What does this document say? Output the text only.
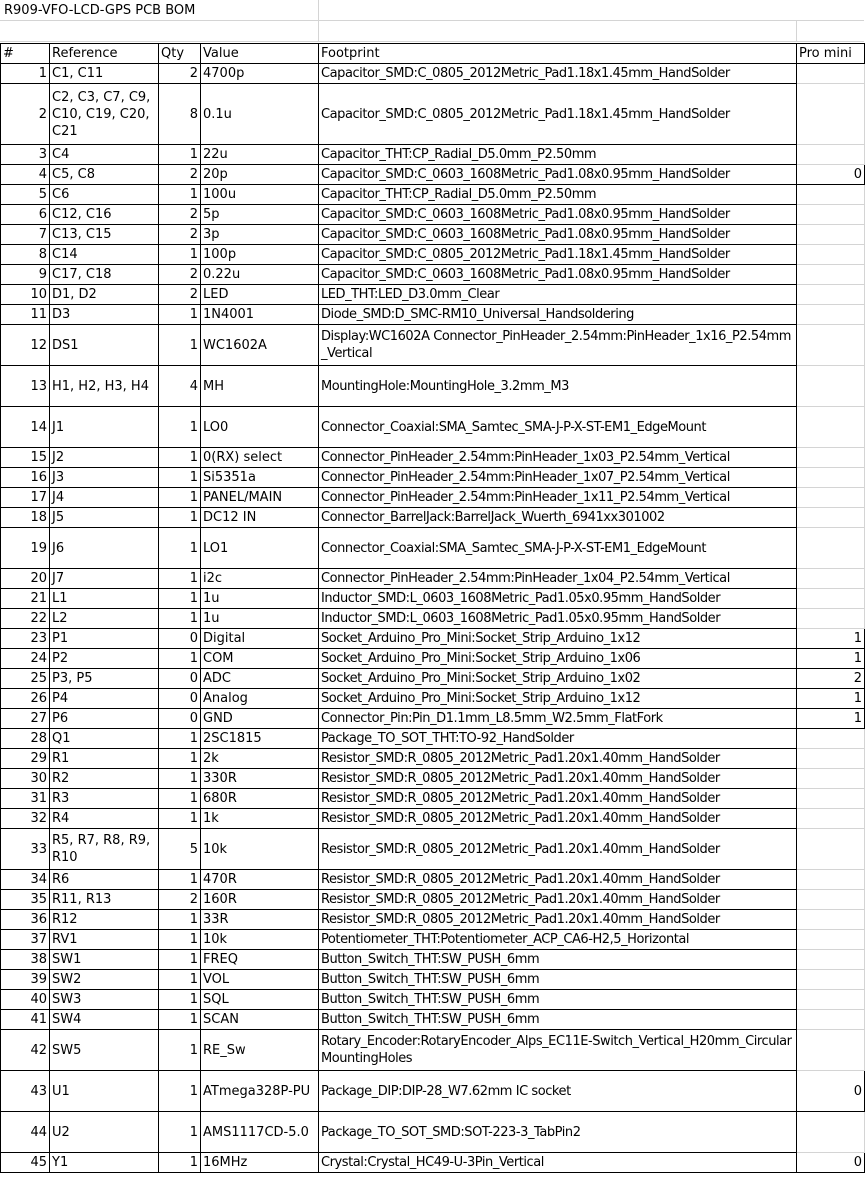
R909-VFO-LCD-GPS PCB BOM
#	Reference	Qty	Value	Footprint	Pro mini
1	C1, C11	2	4700p	Capacitor_SMD:C_0805_2012Metric_Pad1.18x1.45mm_HandSolder	
2	C2, C3, C7, C9, C10, C19, C20, C21	8	0.1u	Capacitor_SMD:C_0805_2012Metric_Pad1.18x1.45mm_HandSolder	
3	C4	1	22u	Capacitor_THT:CP_Radial_D5.0mm_P2.50mm	
4	C5, C8	2	20p	Capacitor_SMD:C_0603_1608Metric_Pad1.08x0.95mm_HandSolder	0
5	C6	1	100u	Capacitor_THT:CP_Radial_D5.0mm_P2.50mm	
6	C12, C16	2	5p	Capacitor_SMD:C_0603_1608Metric_Pad1.08x0.95mm_HandSolder	
7	C13, C15	2	3p	Capacitor_SMD:C_0603_1608Metric_Pad1.08x0.95mm_HandSolder	
8	C14	1	100p	Capacitor_SMD:C_0805_2012Metric_Pad1.18x1.45mm_HandSolder	
9	C17, C18	2	0.22u	Capacitor_SMD:C_0603_1608Metric_Pad1.08x0.95mm_HandSolder	
10	D1, D2	2	LED	LED_THT:LED_D3.0mm_Clear	
11	D3	1	1N4001	Diode_SMD:D_SMC-RM10_Universal_Handsoldering	
12	DS1	1	WC1602A	Display:WC1602A Connector_PinHeader_2.54mm:PinHeader_1x16_P2.54mm_Vertical	
13	H1, H2, H3, H4	4	MH	MountingHole:MountingHole_3.2mm_M3	
14	J1	1	LO0	Connector_Coaxial:SMA_Samtec_SMA-J-P-X-ST-EM1_EdgeMount	
15	J2	1	0(RX) select	Connector_PinHeader_2.54mm:PinHeader_1x03_P2.54mm_Vertical	
16	J3	1	Si5351a	Connector_PinHeader_2.54mm:PinHeader_1x07_P2.54mm_Vertical	
17	J4	1	PANEL/MAIN	Connector_PinHeader_2.54mm:PinHeader_1x11_P2.54mm_Vertical	
18	J5	1	DC12 IN	Connector_BarrelJack:BarrelJack_Wuerth_6941xx301002	
19	J6	1	LO1	Connector_Coaxial:SMA_Samtec_SMA-J-P-X-ST-EM1_EdgeMount	
20	J7	1	i2c	Connector_PinHeader_2.54mm:PinHeader_1x04_P2.54mm_Vertical	
21	L1	1	1u	Inductor_SMD:L_0603_1608Metric_Pad1.05x0.95mm_HandSolder	
22	L2	1	1u	Inductor_SMD:L_0603_1608Metric_Pad1.05x0.95mm_HandSolder	
23	P1	0	Digital	Socket_Arduino_Pro_Mini:Socket_Strip_Arduino_1x12	1
24	P2	1	COM	Socket_Arduino_Pro_Mini:Socket_Strip_Arduino_1x06	1
25	P3, P5	0	ADC	Socket_Arduino_Pro_Mini:Socket_Strip_Arduino_1x02	2
26	P4	0	Analog	Socket_Arduino_Pro_Mini:Socket_Strip_Arduino_1x12	1
27	P6	0	GND	Connector_Pin:Pin_D1.1mm_L8.5mm_W2.5mm_FlatFork	1
28	Q1	1	2SC1815	Package_TO_SOT_THT:TO-92_HandSolder	
29	R1	1	2k	Resistor_SMD:R_0805_2012Metric_Pad1.20x1.40mm_HandSolder	
30	R2	1	330R	Resistor_SMD:R_0805_2012Metric_Pad1.20x1.40mm_HandSolder	
31	R3	1	680R	Resistor_SMD:R_0805_2012Metric_Pad1.20x1.40mm_HandSolder	
32	R4	1	1k	Resistor_SMD:R_0805_2012Metric_Pad1.20x1.40mm_HandSolder	
33	R5, R7, R8, R9, R10	5	10k	Resistor_SMD:R_0805_2012Metric_Pad1.20x1.40mm_HandSolder	
34	R6	1	470R	Resistor_SMD:R_0805_2012Metric_Pad1.20x1.40mm_HandSolder	
35	R11, R13	2	160R	Resistor_SMD:R_0805_2012Metric_Pad1.20x1.40mm_HandSolder	
36	R12	1	33R	Resistor_SMD:R_0805_2012Metric_Pad1.20x1.40mm_HandSolder	
37	RV1	1	10k	Potentiometer_THT:Potentiometer_ACP_CA6-H2,5_Horizontal	
38	SW1	1	FREQ	Button_Switch_THT:SW_PUSH_6mm	
39	SW2	1	VOL	Button_Switch_THT:SW_PUSH_6mm	
40	SW3	1	SQL	Button_Switch_THT:SW_PUSH_6mm	
41	SW4	1	SCAN	Button_Switch_THT:SW_PUSH_6mm	
42	SW5	1	RE_Sw	Rotary_Encoder:RotaryEncoder_Alps_EC11E-Switch_Vertical_H20mm_CircularMountingHoles	
43	U1	1	ATmega328P-PU	Package_DIP:DIP-28_W7.62mm IC socket	0
44	U2	1	AMS1117CD-5.0	Package_TO_SOT_SMD:SOT-223-3_TabPin2	
45	Y1	1	16MHz	Crystal:Crystal_HC49-U-3Pin_Vertical	0
